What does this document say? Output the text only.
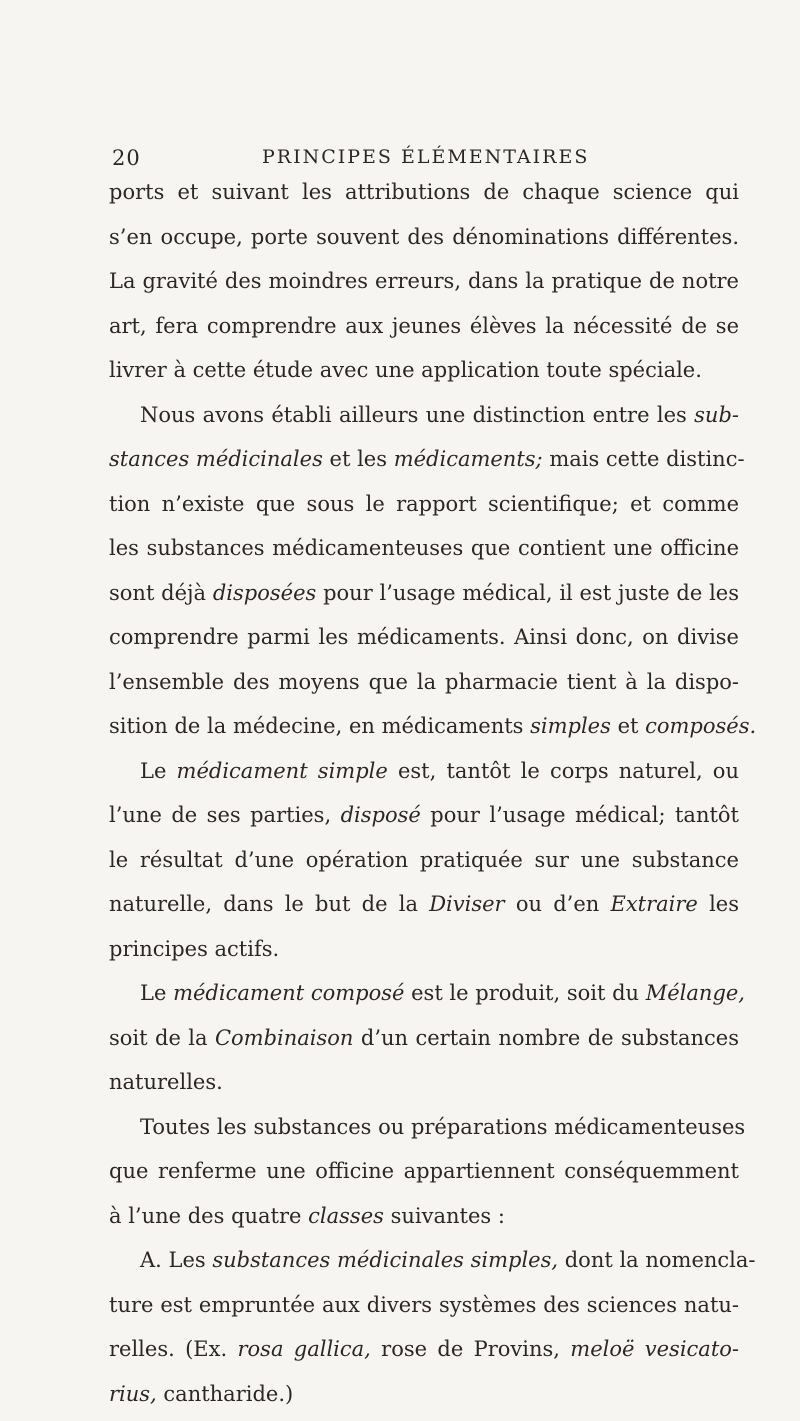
20	PRINCIPES ÉLÉMENTAIRES
ports et suivant les attributions de chaque science qui
s’en occupe, porte souvent des dénominations différentes.
La gravité des moindres erreurs, dans la pratique de notre
art, fera comprendre aux jeunes élèves la nécessité de se
livrer à cette étude avec une application toute spéciale.
Nous avons établi ailleurs une distinction entre les sub-
stances médicinales et les médicaments; mais cette distinc-
tion n’existe que sous le rapport scientifique; et comme
les substances médicamenteuses que contient une officine
sont déjà disposées pour l’usage médical, il est juste de les
comprendre parmi les médicaments. Ainsi donc, on divise
l’ensemble des moyens que la pharmacie tient à la dispo-
sition de la médecine, en médicaments simples et composés.
Le médicament simple est, tantôt le corps naturel, ou
l’une de ses parties, disposé pour l’usage médical; tantôt
le résultat d’une opération pratiquée sur une substance
naturelle, dans le but de la Diviser ou d’en Extraire les
principes actifs.
Le médicament composé est le produit, soit du Mélange,
soit de la Combinaison d’un certain nombre de substances
naturelles.
Toutes les substances ou préparations médicamenteuses
que renferme une officine appartiennent conséquemment
à l’une des quatre classes suivantes :
A. Les substances médicinales simples, dont la nomencla-
ture est empruntée aux divers systèmes des sciences natu-
relles. (Ex. rosa gallica, rose de Provins, meloë vesicato-
rius, cantharide.)
